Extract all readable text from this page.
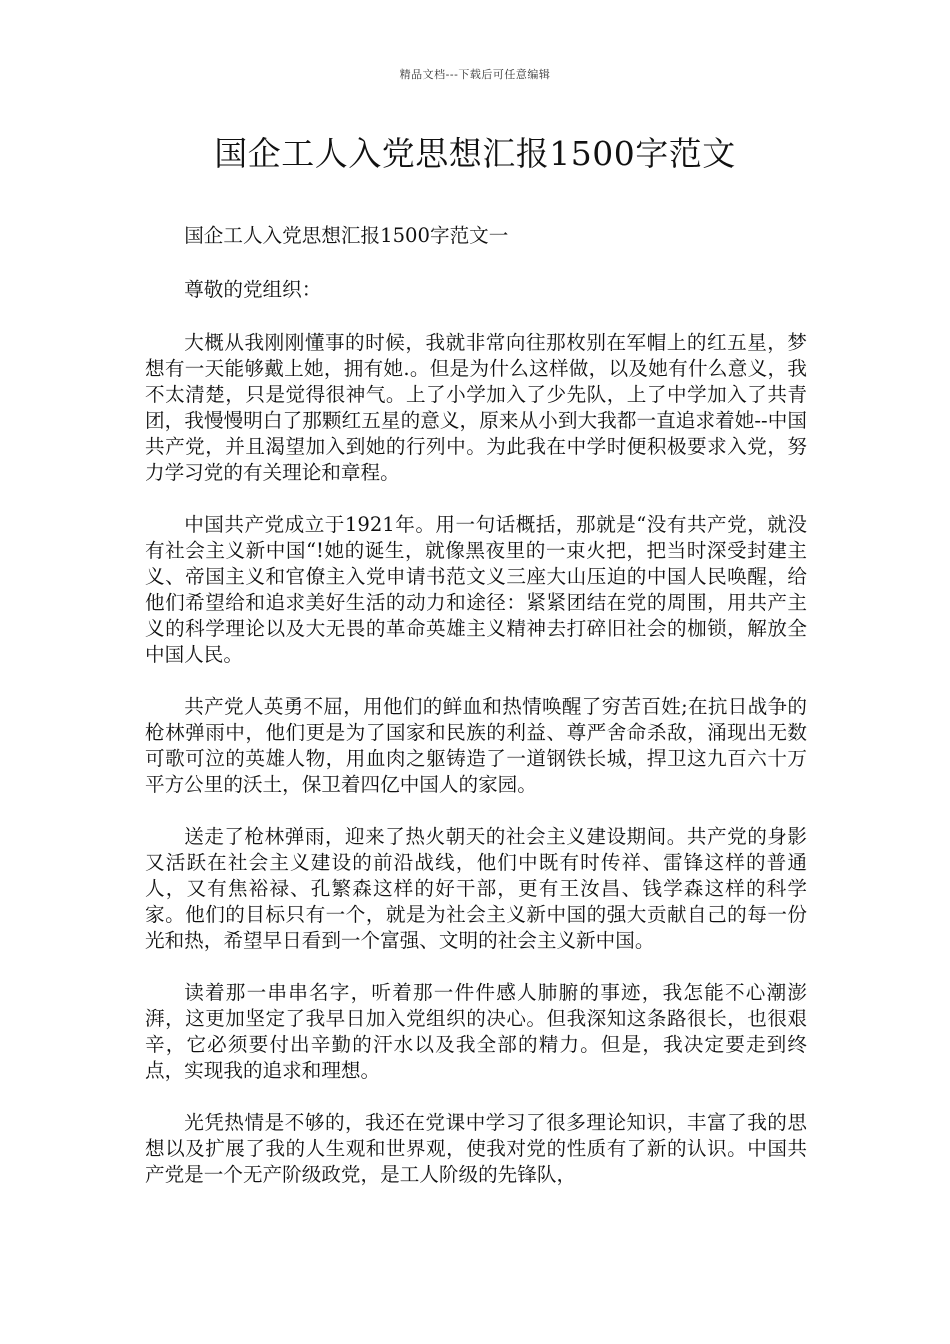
精品文档---下载后可任意编辑
国企工人入党思想汇报1500字范文

国企工人入党思想汇报1500字范文一

尊敬的党组织：

大概从我刚刚懂事的时候，我就非常向往那枚别在军帽上的红五星，梦想有一天能够戴上她，拥有她.。但是为什么这样做，以及她有什么意义，我不太清楚，只是觉得很神气。上了小学加入了少先队，上了中学加入了共青团，我慢慢明白了那颗红五星的意义，原来从小到大我都一直追求着她--中国共产党，并且渴望加入到她的行列中。为此我在中学时便积极要求入党，努力学习党的有关理论和章程。

中国共产党成立于1921年。用一句话概括，那就是“没有共产党，就没有社会主义新中国“!她的诞生，就像黑夜里的一束火把，把当时深受封建主义、帝国主义和官僚主入党申请书范文义三座大山压迫的中国人民唤醒，给他们希望给和追求美好生活的动力和途径：紧紧团结在党的周围，用共产主义的科学理论以及大无畏的革命英雄主义精神去打碎旧社会的枷锁，解放全中国人民。

共产党人英勇不屈，用他们的鲜血和热情唤醒了穷苦百姓;在抗日战争的枪林弹雨中，他们更是为了国家和民族的利益、尊严舍命杀敌，涌现出无数可歌可泣的英雄人物，用血肉之躯铸造了一道钢铁长城，捍卫这九百六十万平方公里的沃土，保卫着四亿中国人的家园。

送走了枪林弹雨，迎来了热火朝天的社会主义建设期间。共产党的身影又活跃在社会主义建设的前沿战线，他们中既有时传祥、雷锋这样的普通人，又有焦裕禄、孔繁森这样的好干部，更有王汝昌、钱学森这样的科学家。他们的目标只有一个，就是为社会主义新中国的强大贡献自己的每一份光和热，希望早日看到一个富强、文明的社会主义新中国。

读着那一串串名字，听着那一件件感人肺腑的事迹，我怎能不心潮澎湃，这更加坚定了我早日加入党组织的决心。但我深知这条路很长，也很艰辛，它必须要付出辛勤的汗水以及我全部的精力。但是，我决定要走到终点，实现我的追求和理想。

光凭热情是不够的，我还在党课中学习了很多理论知识，丰富了我的思想以及扩展了我的人生观和世界观，使我对党的性质有了新的认识。中国共产党是一个无产阶级政党，是工人阶级的先锋队，
